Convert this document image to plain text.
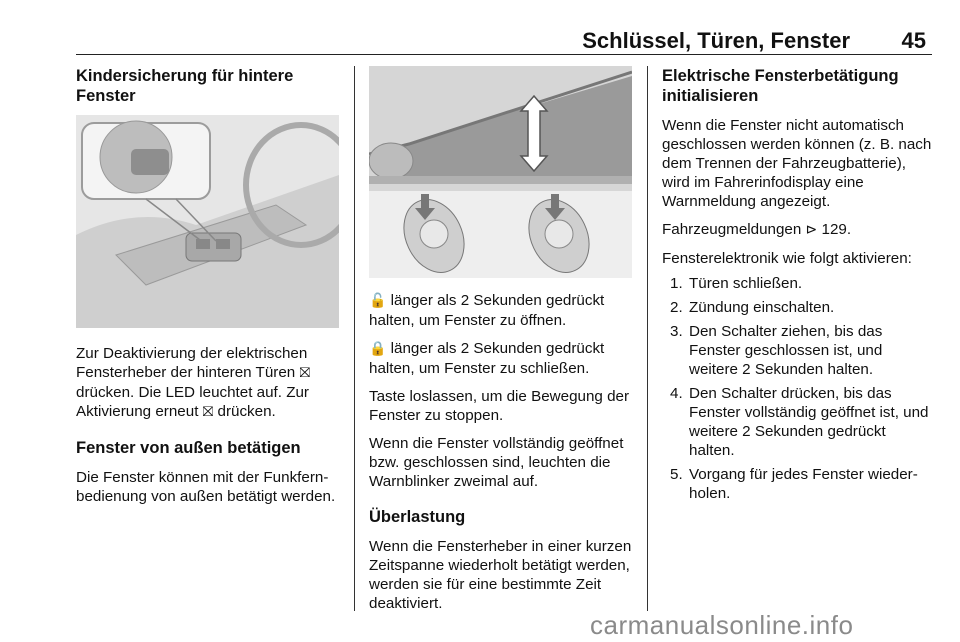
Schlüssel, Türen, Fenster 45
Kindersicherung für hintere Fenster

Zur Deaktivierung der elektrischen Fensterheber der hinteren Türen ⛝ drücken. Die LED leuchtet auf. Zur Aktivierung erneut ⛝ drücken.

Fenster von außen betätigen

Die Fenster können mit der Funkfernbedienung von außen betätigt werden.

🔓 länger als 2 Sekunden gedrückt halten, um Fenster zu öffnen.

🔒 länger als 2 Sekunden gedrückt halten, um Fenster zu schließen.

Taste loslassen, um die Bewegung der Fenster zu stoppen.

Wenn die Fenster vollständig geöffnet bzw. geschlossen sind, leuchten die Warnblinker zweimal auf.

Überlastung

Wenn die Fensterheber in einer kurzen Zeitspanne wiederholt betätigt werden, werden sie für eine bestimmte Zeit deaktiviert.

Elektrische Fensterbetätigung initialisieren

Wenn die Fenster nicht automatisch geschlossen werden können (z. B. nach dem Trennen der Fahrzeugbatterie), wird im Fahrerinfodisplay eine Warnmeldung angezeigt.

Fahrzeugmeldungen ⊳ 129.

Fensterelektronik wie folgt aktivieren:

1. Türen schließen.
2. Zündung einschalten.
3. Den Schalter ziehen, bis das Fenster geschlossen ist, und weitere 2 Sekunden halten.
4. Den Schalter drücken, bis das Fenster vollständig geöffnet ist, und weitere 2 Sekunden gedrückt halten.
5. Vorgang für jedes Fenster wiederholen.
carmanualsonline.info
